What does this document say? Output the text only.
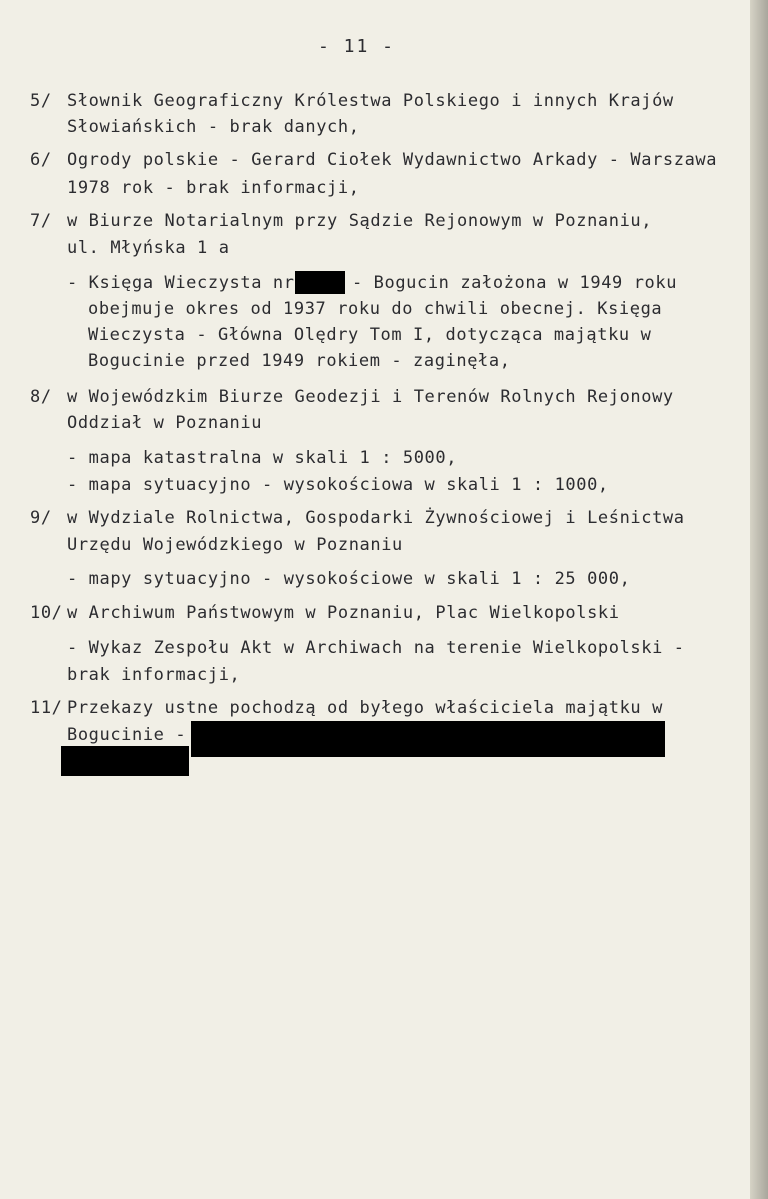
- 11 -
5/ Słownik Geograficzny Królestwa Polskiego i innych Krajów
Słowiańskich - brak danych,
6/ Ogrody polskie - Gerard Ciołek Wydawnictwo Arkady - Warszawa
1978 rok - brak informacji,
7/ w Biurze Notarialnym przy Sądzie Rejonowym w Poznaniu,
ul. Młyńska 1 a
- Księga Wieczysta nr	- Bogucin założona w 1949 roku
obejmuje okres od 1937 roku do chwili obecnej. Księga
Wieczysta - Główna Olędry Tom I, dotycząca majątku w
Bogucinie przed 1949 rokiem - zaginęła,
8/ w Wojewódzkim Biurze Geodezji i Terenów Rolnych Rejonowy
Oddział w Poznaniu
- mapa katastralna w skali 1 : 5000,
- mapa sytuacyjno - wysokościowa w skali 1 : 1000,
9/ w Wydziale Rolnictwa, Gospodarki Żywnościowej i Leśnictwa
Urzędu Wojewódzkiego w Poznaniu
- mapy sytuacyjno - wysokościowe w skali 1 : 25 000,
10/ w Archiwum Państwowym w Poznaniu, Plac Wielkopolski
- Wykaz Zespołu Akt w Archiwach na terenie Wielkopolski -
brak informacji,
11/ Przekazy ustne pochodzą od byłego właściciela majątku w
Bogucinie -
